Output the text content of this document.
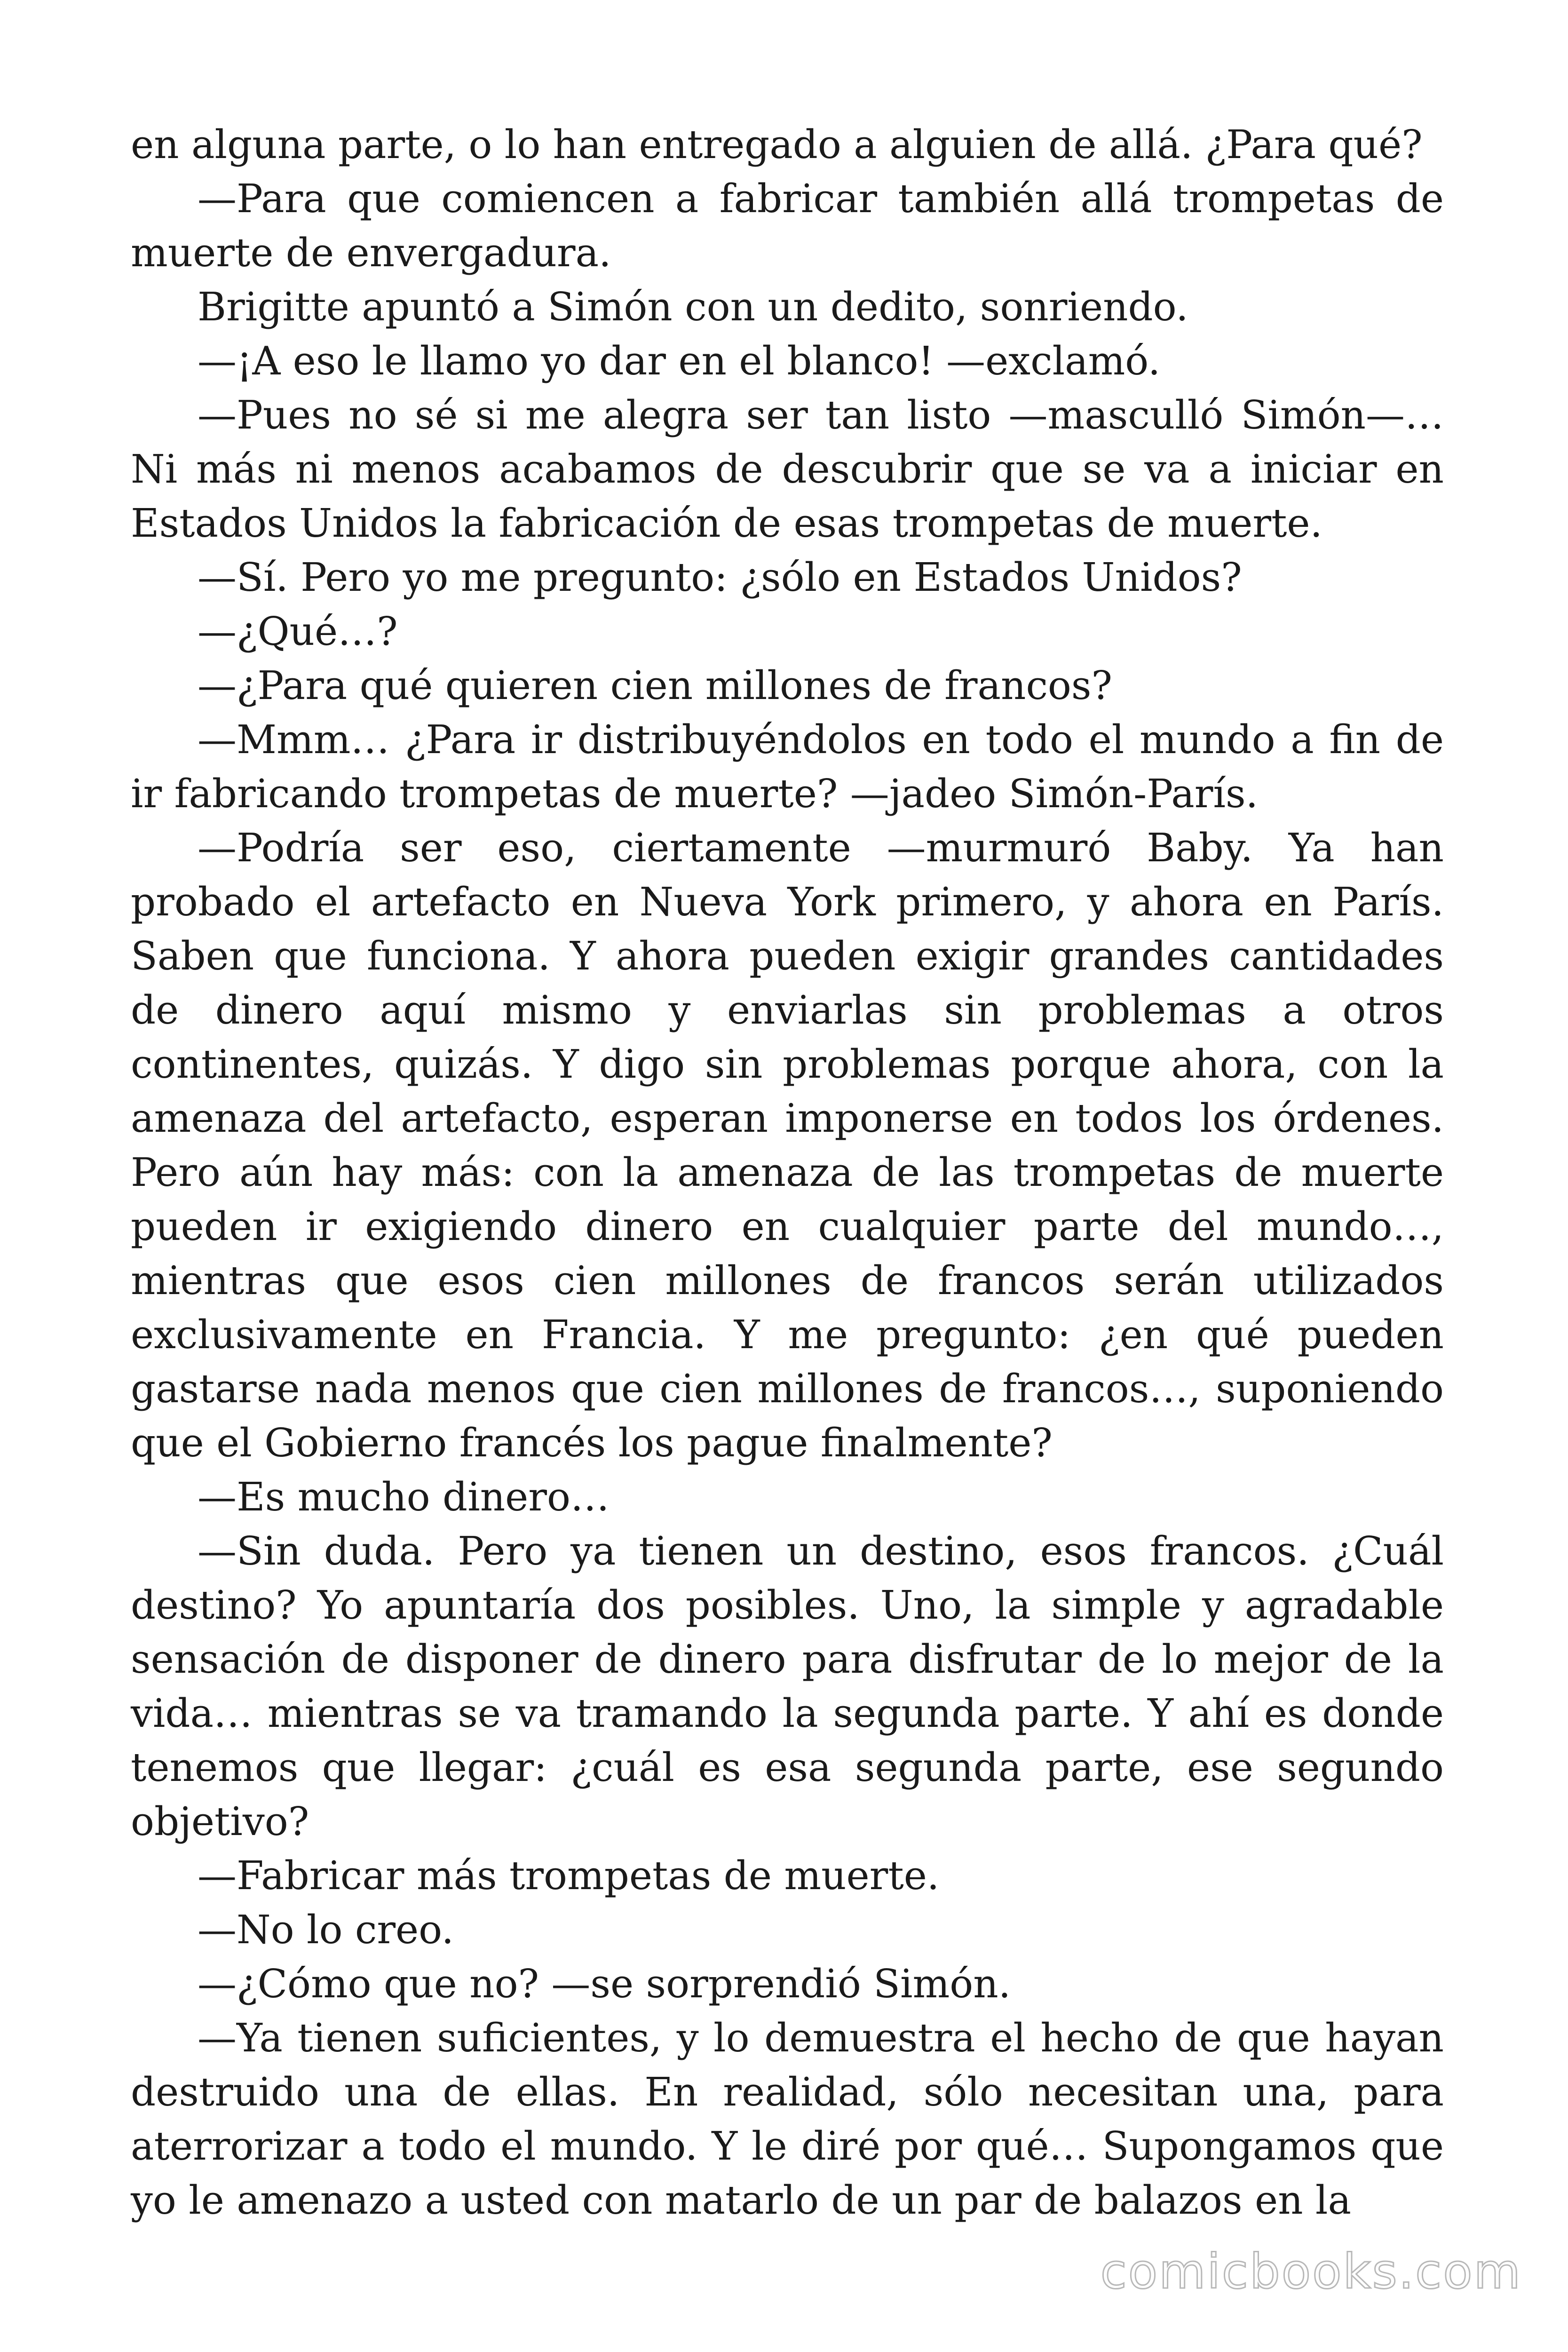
en alguna parte, o lo han entregado a alguien de allá. ¿Para qué?

—Para que comiencen a fabricar también allá trompetas de muerte de envergadura.

Brigitte apuntó a Simón con un dedito, sonriendo.

—¡A eso le llamo yo dar en el blanco! —exclamó.

—Pues no sé si me alegra ser tan listo —masculló Simón—… Ni más ni menos acabamos de descubrir que se va a iniciar en Estados Unidos la fabricación de esas trompetas de muerte.

—Sí. Pero yo me pregunto: ¿sólo en Estados Unidos?

—¿Qué…?

—¿Para qué quieren cien millones de francos?

—Mmm… ¿Para ir distribuyéndolos en todo el mundo a fin de ir fabricando trompetas de muerte? —jadeo Simón-París.

—Podría ser eso, ciertamente —murmuró Baby. Ya han probado el artefacto en Nueva York primero, y ahora en París. Saben que funciona. Y ahora pueden exigir grandes cantidades de dinero aquí mismo y enviarlas sin problemas a otros continentes, quizás. Y digo sin problemas porque ahora, con la amenaza del artefacto, esperan imponerse en todos los órdenes. Pero aún hay más: con la amenaza de las trompetas de muerte pueden ir exigiendo dinero en cualquier parte del mundo…, mientras que esos cien millones de francos serán utilizados exclusivamente en Francia. Y me pregunto: ¿en qué pueden gastarse nada menos que cien millones de francos…, suponiendo que el Gobierno francés los pague finalmente?

—Es mucho dinero…

—Sin duda. Pero ya tienen un destino, esos francos. ¿Cuál destino? Yo apuntaría dos posibles. Uno, la simple y agradable sensación de disponer de dinero para disfrutar de lo mejor de la vida… mientras se va tramando la segunda parte. Y ahí es donde tenemos que llegar: ¿cuál es esa segunda parte, ese segundo objetivo?

—Fabricar más trompetas de muerte.

—No lo creo.

—¿Cómo que no? —se sorprendió Simón.

—Ya tienen suficientes, y lo demuestra el hecho de que hayan destruido una de ellas. En realidad, sólo necesitan una, para aterrorizar a todo el mundo. Y le diré por qué… Supongamos que yo le amenazo a usted con matarlo de un par de balazos en la

comicbooks.com
